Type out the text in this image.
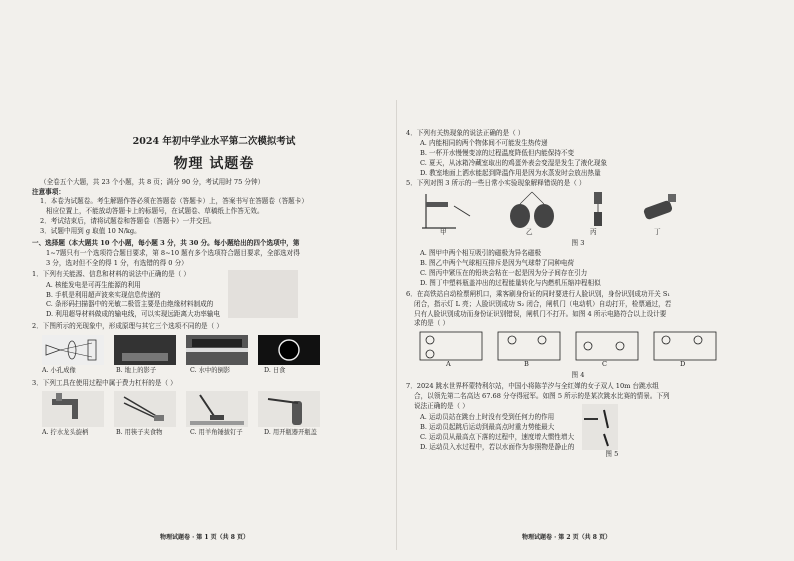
2024 年初中学业水平第二次模拟考试
物理 试题卷
（全卷五个大题，共 23 个小题，共 8 页；满分 90 分，考试用时 75 分钟）
注意事项：
1．本卷为试题卷。考生解题作答必须在答题卷（答题卡）上，答案书写在答题卷（答题卡）
相应位置上，不能放动答题卡上的标题号，在试题卷、草稿纸上作答无效。
2．考试结束后，请将试题卷和答题卷（答题卡）一并交回。
3．试题中用到 g 取值 10 N/kg。
一、选择题（本大题共 10 个小题，每小题 3 分，共 30 分。每小题给出的四个选项中，第
1~7题只有一个选项符合题目要求，第 8~10 题有多个选项符合题目要求，全部选对得
3 分，选对但不全的得 1 分，有选错的得 0 分）
1．下列有关能源、信息和材料的说法中正确的是（ ）
A. 核能发电是可再生能源的利用
B. 手机是利用超声波来实现信息传递的
C. 条形码扫描器中的光敏二极管主要是由绝缘材料制成的
D. 利用超导材料做成的输电线，可以实现远距离大功率输电
2．下图所示的光现象中，形成原理与其它三个选项不同的是（ ）
A. 小孔成像	B. 地上的影子	C. 水中的倒影	D. 日食
3．下列工具在使用过程中属于费力杠杆的是（ ）
A. 拧水龙头旋柄	B. 用筷子夹食物	C. 用羊角锤拔钉子	D. 用开瓶器开瓶盖
物理试题卷 · 第 1 页（共 8 页）
4．下列有关热现象的说法正确的是（ ）
A. 内能相同的两个物体间不可能发生热传递
B. 一杯开水慢慢变凉的过程温度降低但内能保持不变
C. 夏天，从冰箱冷藏室取出的鸡蛋外表会变湿是发生了液化现象
D. 教室地面上洒水能起到降温作用是因为水蒸发时会放出热量
5．下列对图 3 所示的一些日常小实验现象解释错误的是（ ）
甲	乙	丙	丁
图 3
A. 图甲中两个相互吸引的磁极为异名磁极
B. 图乙中两个气球相互排斥是因为气球带了同种电荷
C. 图丙中紧压在的铅块会粘在一起是因为分子间存在引力
D. 图丁中塑料瓶盖冲出的过程能量转化与内燃机压缩冲程相似
6．在高铁站自动检票闸机口，乘客刷身份证的同时要进行人脸识别，身份识别成功开关 S₁
闭合，指示灯 L 亮；人脸识别成功 S₂ 闭合，闸机门（电动机）自动打开，检票通过，若
只有人脸识别成功而身份证识别错误，闸机门不打开。如图 4 所示电路符合以上设计要
求的是（ ）
A	B	C	D
图 4
7．2024 跳水世界杯蒙特利尔站，中国小将陈芋汐与全红婵的女子双人 10m 台跳水组
合，以领先第二名高达 67.68 分夺得冠军。如图 5 所示的是某次跳水比赛的情景。下列
说法正确的是（ ）
A. 运动员站在跳台上时没有受到任何力的作用
B. 运动员起跳后运动到最高点时重力势能最大
C. 运动员从最高点下落的过程中，速度增大惯性增大
D. 运动员入水过程中，若以水面作为参照物是静止的
图 5
物理试题卷 · 第 2 页（共 8 页）
